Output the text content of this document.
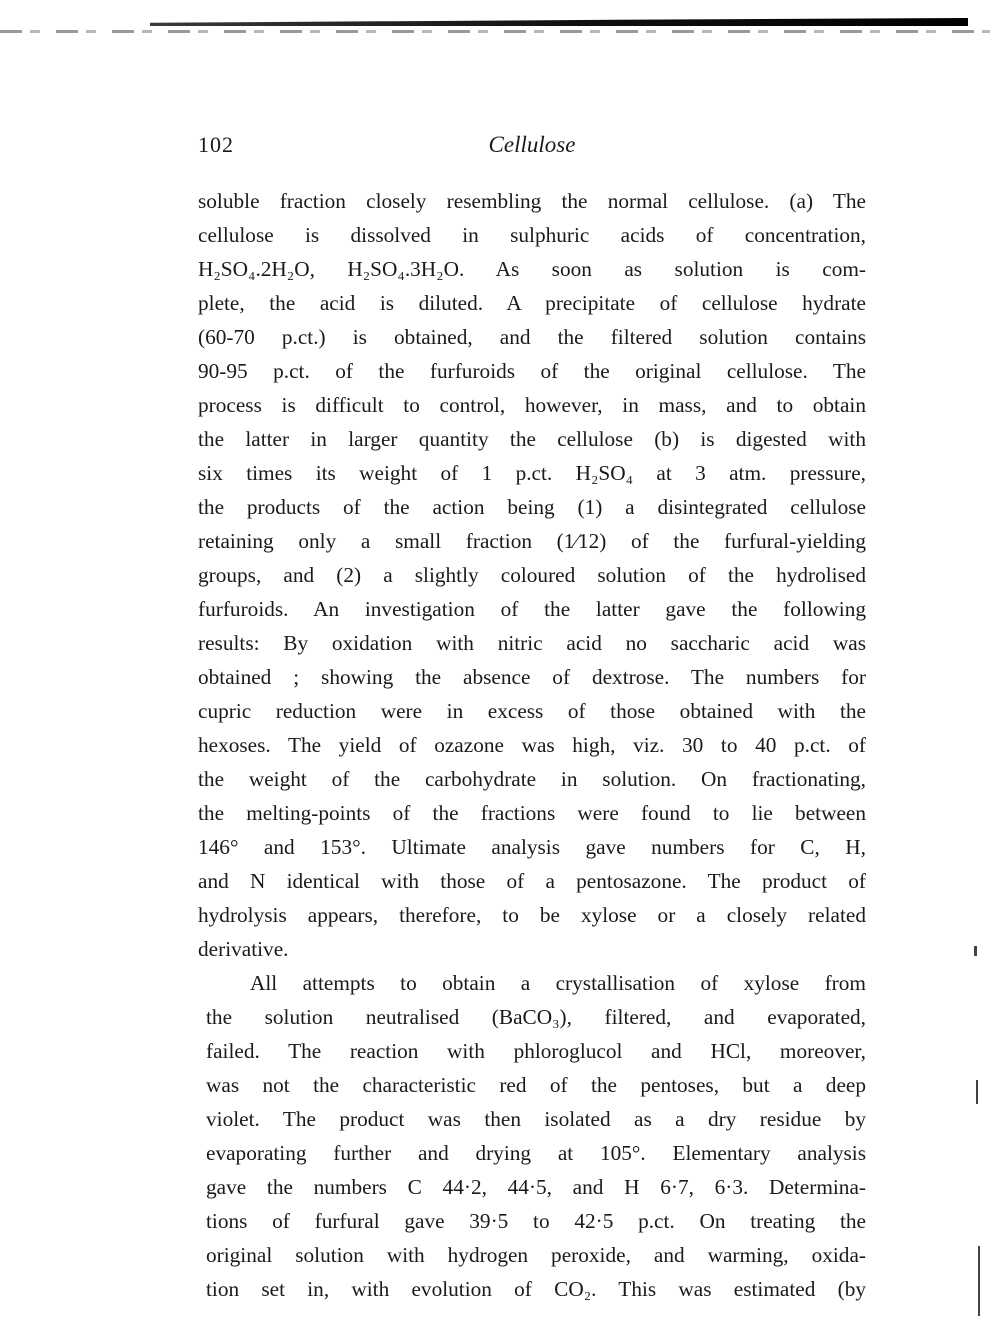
102	Cellulose
soluble fraction closely resembling the normal cellulose. (a) The
cellulose is dissolved in sulphuric acids of concentration,
H₂SO₄.2H₂O, H₂SO₄.3H₂O. As soon as solution is com-
plete, the acid is diluted. A precipitate of cellulose hydrate
(60-70 p.ct.) is obtained, and the filtered solution contains
90-95 p.ct. of the furfuroids of the original cellulose. The
process is difficult to control, however, in mass, and to obtain
the latter in larger quantity the cellulose (b) is digested with
six times its weight of 1 p.ct. H₂SO₄ at 3 atm. pressure,
the products of the action being (1) a disintegrated cellulose
retaining only a small fraction (1⁄12) of the furfural-yielding
groups, and (2) a slightly coloured solution of the hydrolised
furfuroids. An investigation of the latter gave the following
results: By oxidation with nitric acid no saccharic acid was
obtained ; showing the absence of dextrose. The numbers for
cupric reduction were in excess of those obtained with the
hexoses. The yield of ozazone was high, viz. 30 to 40 p.ct. of
the weight of the carbohydrate in solution. On fractionating,
the melting-points of the fractions were found to lie between
146° and 153°. Ultimate analysis gave numbers for C, H,
and N identical with those of a pentosazone. The product of
hydrolysis appears, therefore, to be xylose or a closely related
derivative.
All attempts to obtain a crystallisation of xylose from
the solution neutralised (BaCO₃), filtered, and evaporated,
failed. The reaction with phloroglucol and HCl, moreover,
was not the characteristic red of the pentoses, but a deep
violet. The product was then isolated as a dry residue by
evaporating further and drying at 105°. Elementary analysis
gave the numbers C 44·2, 44·5, and H 6·7, 6·3. Determina-
tions of furfural gave 39·5 to 42·5 p.ct. On treating the
original solution with hydrogen peroxide, and warming, oxida-
tion set in, with evolution of CO₂. This was estimated (by
